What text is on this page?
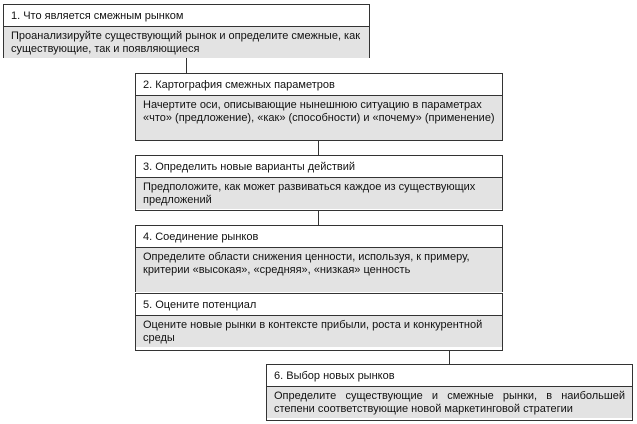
1. Что является смежным рынком
Проанализируйте существующий рынок и определите смежные, как существующие, так и появляющиеся
2. Картография смежных параметров
Начертите оси, описывающие нынешнюю ситуацию в параметрах «что» (предложение), «как» (способности) и «почему» (применение)
3. Определить новые варианты действий
Предположите, как может развиваться каждое из существующих предложений
4. Соединение рынков
Определите области снижения ценности, используя, к примеру, критерии «высокая», «средняя», «низкая» ценность
5. Оцените потенциал
Оцените новые рынки в контексте прибыли, роста и конкурентной среды
6. Выбор новых рынков
Определите существующие и смежные рынки, в наибольшей степени соответствующие новой маркетинговой стратегии
